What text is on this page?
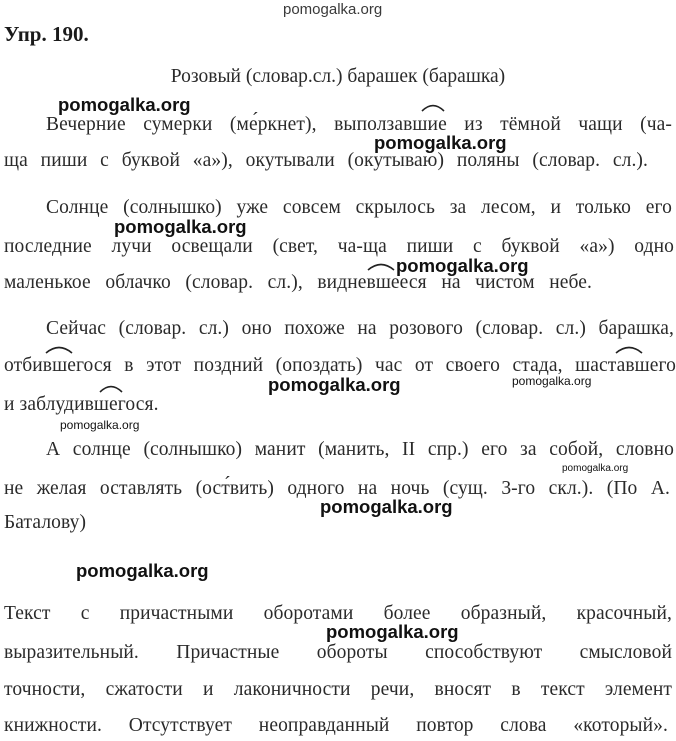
pomogalka.org
Упр. 190.
Розовый (словар.сл.) барашек (барашка)
Вечерние сумерки (ме́ркнет), выползавшие из тёмной чащи (ча-
ща пиши с буквой «а»), окутывали (окутываю) поляны (словар. сл.).
Солнце (солнышко) уже совсем скрылось за лесом, и только его
последние лучи освещали (свет, ча-ща пиши с буквой «а») одно
маленькое облачко (словар. сл.), видневшееся на чистом небе.
Сейчас (словар. сл.) оно похоже на розового (словар. сл.) барашка,
отбившегося в этот поздний (опоздать) час от своего стада, шаставшего
и заблудившегося.
А солнце (солнышко) манит (манить, II спр.) его за собой, словно
не желая оставлять (ост́вить) одного на ночь (сущ. 3-го скл.). (По А.
Баталову)
Текст с причастными оборотами более образный, красочный,
выразительный. Причастные обороты способствуют смысловой
точности, сжатости и лаконичности речи, вносят в текст элемент
книжности. Отсутствует неоправданный повтор слова «который».
pomogalka.org
pomogalka.org
pomogalka.org
pomogalka.org
pomogalka.org	pomogalka.org
pomogalka.org
pomogalka.org
pomogalka.org
pomogalka.org
pomogalka.org
